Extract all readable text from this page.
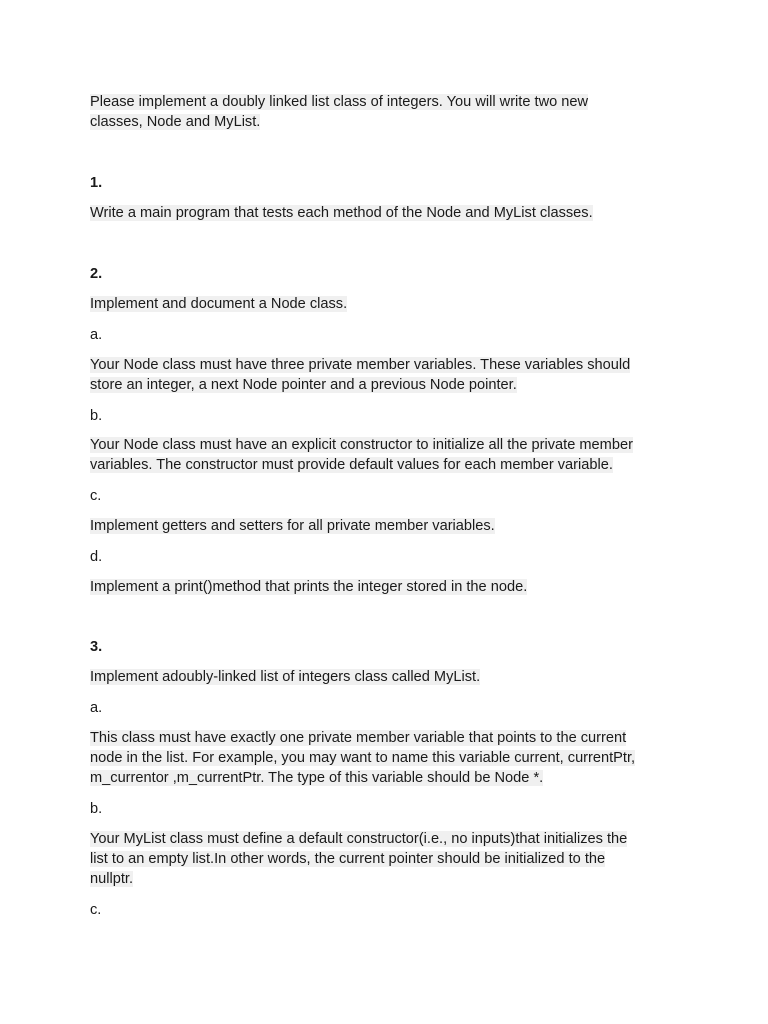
Please implement a doubly linked list class of integers. You will write two new
classes, Node and MyList.
1.
Write a main program that tests each method of the Node and MyList classes.
2.
Implement and document a Node class.
a.
Your Node class must have three private member variables. These variables should
store an integer, a next Node pointer and a previous Node pointer.
b.
Your Node class must have an explicit constructor to initialize all the private member
variables. The constructor must provide default values for each member variable.
c.
Implement getters and setters for all private member variables.
d.
Implement a print()method that prints the integer stored in the node.
3.
Implement adoubly-linked list of integers class called MyList.
a.
This class must have exactly one private member variable that points to the current
node in the list. For example, you may want to name this variable current, currentPtr,
m_currentor ,m_currentPtr. The type of this variable should be Node *.
b.
Your MyList class must define a default constructor(i.e., no inputs)that initializes the
list to an empty list.In other words, the current pointer should be initialized to the
nullptr.
c.
